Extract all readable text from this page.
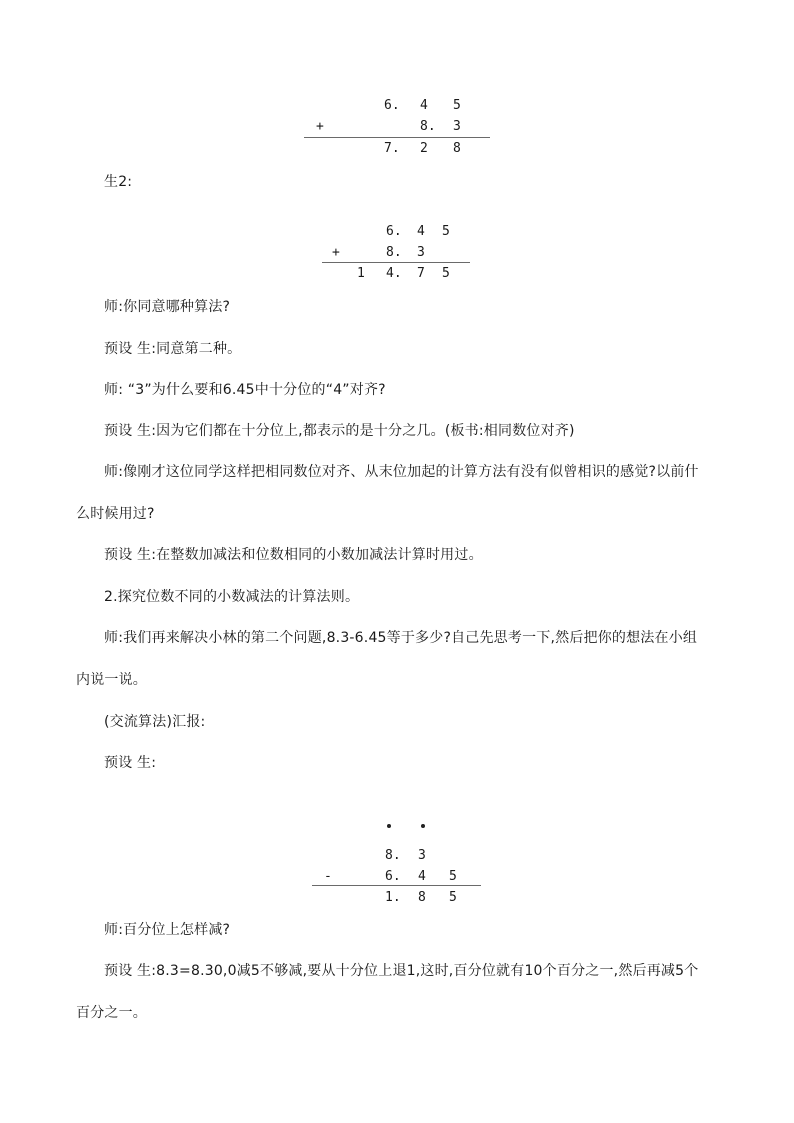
6. 4 5
+	8. 3
7. 2 8
生2:
6. 4 5
+	8. 3
1 4. 7 5
师:你同意哪种算法?
预设 生:同意第二种。
师: “3”为什么要和6.45中十分位的“4”对齐?
预设 生:因为它们都在十分位上,都表示的是十分之几。(板书:相同数位对齐)
师:像刚才这位同学这样把相同数位对齐、从末位加起的计算方法有没有似曾相识的感觉?以前什
么时候用过?
预设 生:在整数加减法和位数相同的小数加减法计算时用过。
2.探究位数不同的小数减法的计算法则。
师:我们再来解决小林的第二个问题,8.3-6.45等于多少?自己先思考一下,然后把你的想法在小组
内说一说。
(交流算法)汇报:
预设 生:
8. 3
-	6. 4 5
1. 8 5
师:百分位上怎样减?
预设 生:8.3=8.30,0减5不够减,要从十分位上退1,这时,百分位就有10个百分之一,然后再减5个
百分之一。
